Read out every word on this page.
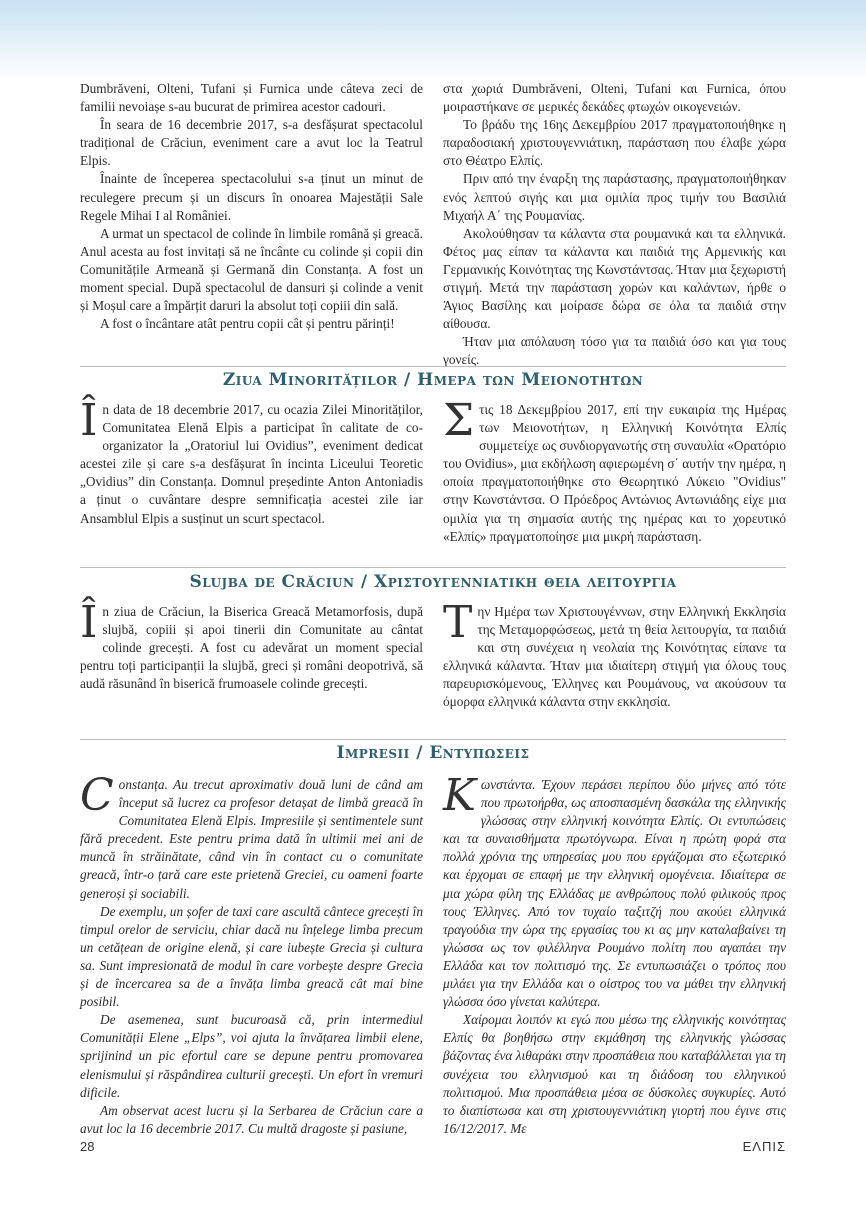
Dumbrăveni, Olteni, Tufani și Furnica unde câteva zeci de familii nevoiașe s-au bucurat de primirea acestor cadouri.

În seara de 16 decembrie 2017, s-a desfășurat spectacolul tradițional de Crăciun, eveniment care a avut loc la Teatrul Elpis.

Înainte de începerea spectacolului s-a ținut un minut de reculegere precum și un discurs în onoarea Majestății Sale Regele Mihai I al României.

A urmat un spectacol de colinde în limbile română și greacă. Anul acesta au fost invitați să ne încânte cu colinde și copii din Comunitățile Armeană și Germană din Constanța. A fost un moment special. După spectacolul de dansuri și colinde a venit și Moșul care a împărțit daruri la absolut toți copiii din sală.

A fost o încântare atât pentru copii cât și pentru părinți!

στα χωριά Dumbrăveni, Olteni, Tufani και Furnica, όπου μοιραστήκανε σε μερικές δεκάδες φτωχών οικογενειών.

Το βράδυ της 16ης Δεκεμβρίου 2017 πραγματοποιήθηκε η παραδοσιακή χριστουγεννιάτικη, παράσταση που έλαβε χώρα στο Θέατρο Ελπίς.

Πριν από την έναρξη της παράστασης, πραγματοποιήθηκαν ενός λεπτού σιγής και μια ομιλία προς τιμήν του Βασιλιά Μιχαήλ Α΄ της Ρουμανίας.

Ακολούθησαν τα κάλαντα στα ρουμανικά και τα ελληνικά. Φέτος μας είπαν τα κάλαντα και παιδιά της Αρμενικής και Γερμανικής Κοινότητας της Κωνστάντσας. Ήταν μια ξεχωριστή στιγμή. Μετά την παράσταση χορών και καλάντων, ήρθε ο Άγιος Βασίλης και μοίρασε δώρα σε όλα τα παιδιά στην αίθουσα.

Ήταν μια απόλαυση τόσο για τα παιδιά όσο και για τους γονείς.

Ziua Minorităților / Ημερα των Μειονοτητων

În data de 18 decembrie 2017, cu ocazia Zilei Minorităților, Comunitatea Elenă Elpis a participat în calitate de co-organizator la „Oratoriul lui Ovidius”, eveniment dedicat acestei zile și care s-a desfășurat în incinta Liceului Teoretic „Ovidius” din Constanța. Domnul președinte Anton Antoniadis a ținut o cuvântare despre semnificația acestei zile iar Ansamblul Elpis a susținut un scurt spectacol.

Στις 18 Δεκεμβρίου 2017, επί την ευκαιρία της Ημέρας των Μειονοτήτων, η Ελληνική Κοινότητα Ελπίς συμμετείχε ως συνδιοργανωτής στη συναυλία «Ορατόριο του Ovidius», μια εκδήλωση αφιερωμένη σ΄ αυτήν την ημέρα, η οποία πραγματοποιήθηκε στο Θεωρητικό Λύκειο "Ovidius" στην Κωνστάντσα. Ο Πρόεδρος Αντώνιος Αντωνιάδης είχε μια ομιλία για τη σημασία αυτής της ημέρας και το χορευτικό «Ελπίς» πραγματοποίησε μια μικρή παράσταση.

Slujba de Crăciun / Χριστουγεννιατικη θεια λειτουργια

În ziua de Crăciun, la Biserica Greacă Metamorfosis, după slujbă, copiii și apoi tinerii din Comunitate au cântat colinde grecești. A fost cu adevărat un moment special pentru toți participanții la slujbă, greci și români deopotrivă, să audă răsunând în biserică frumoasele colinde grecești.

Την Ημέρα των Χριστουγέννων, στην Ελληνική Εκκλησία της Μεταμορφώσεως, μετά τη θεία λειτουργία, τα παιδιά και στη συνέχεια η νεολαία της Κοινότητας είπανε τα ελληνικά κάλαντα. Ήταν μια ιδιαίτερη στιγμή για όλους τους παρευρισκόμενους, Έλληνες και Ρουμάνους, να ακούσουν τα όμορφα ελληνικά κάλαντα στην εκκλησία.

Impresii / Εντυπωσεις

Constanța. Au trecut aproximativ două luni de când am început să lucrez ca profesor detașat de limbă greacă în Comunitatea Elenă Elpis. Impresiile și sentimentele sunt fără precedent. Este pentru prima dată în ultimii mei ani de muncă în străinătate, când vin în contact cu o comunitate greacă, într-o țară care este prietenă Greciei, cu oameni foarte generoși și sociabili.

De exemplu, un șofer de taxi care ascultă cântece grecești în timpul orelor de serviciu, chiar dacă nu înțelege limba precum un cetățean de origine elenă, și care iubește Grecia și cultura sa. Sunt impresionată de modul în care vorbește despre Grecia și de încercarea sa de a învăța limba greacă cât mai bine posibil.

De asemenea, sunt bucuroasă că, prin intermediul Comunității Elene „Elps”, voi ajuta la învățarea limbii elene, sprijinind un pic efortul care se depune pentru promovarea elenismului și răspândirea culturii grecești. Un efort în vremuri dificile.

Am observat acest lucru și la Serbarea de Crăciun care a avut loc la 16 decembrie 2017. Cu multă dragoste și pasiune,

Κωνστάντα. Έχουν περάσει περίπου δύο μήνες από τότε που πρωτοήρθα, ως αποσπασμένη δασκάλα της ελληνικής γλώσσας στην ελληνική κοινότητα Ελπίς. Οι εντυπώσεις και τα συναισθήματα πρωτόγνωρα. Είναι η πρώτη φορά στα πολλά χρόνια της υπηρεσίας μου που εργάζομαι στο εξωτερικό και έρχομαι σε επαφή με την ελληνική ομογένεια. Ιδιαίτερα σε μια χώρα φίλη της Ελλάδας με ανθρώπους πολύ φιλικούς προς τους Έλληνες. Από τον τυχαίο ταξιτζή που ακούει ελληνικά τραγούδια την ώρα της εργασίας του κι ας μην καταλαβαίνει τη γλώσσα ως τον φιλέλληνα Ρουμάνο πολίτη που αγαπάει την Ελλάδα και τον πολιτισμό της. Σε εντυπωσιάζει ο τρόπος που μιλάει για την Ελλάδα και ο οίστρος του να μάθει την ελληνική γλώσσα όσο γίνεται καλύτερα.

Χαίρομαι λοιπόν κι εγώ που μέσω της ελληνικής κοινότητας Ελπίς θα βοηθήσω στην εκμάθηση της ελληνικής γλώσσας βάζοντας ένα λιθαράκι στην προσπάθεια που καταβάλλεται για τη συνέχεια του ελληνισμού και τη διάδοση του ελληνικού πολιτισμού. Μια προσπάθεια μέσα σε δύσκολες συγκυρίες. Αυτό το διαπίστωσα και στη χριστουγεννιάτικη γιορτή που έγινε στις 16/12/2017. Με

28	ΕΛΠΙΣ
